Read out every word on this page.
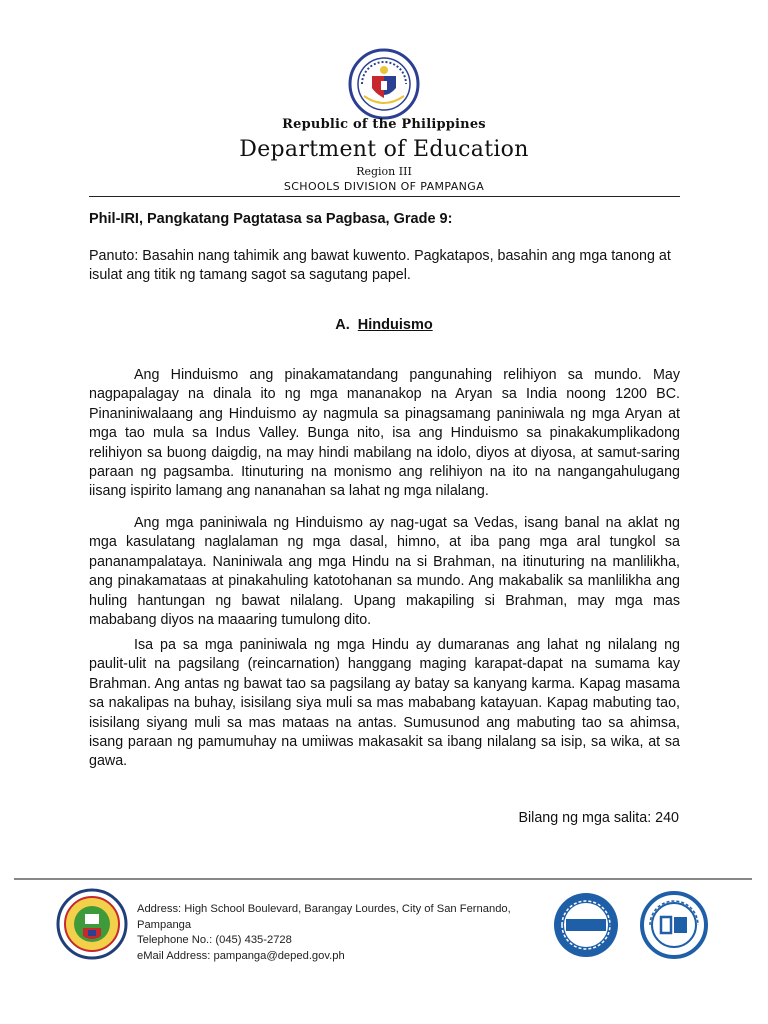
Republic of the Philippines
Department of Education
Region III
SCHOOLS DIVISION OF PAMPANGA
Phil-IRI, Pangkatang Pagtatasa sa Pagbasa, Grade 9:
Panuto: Basahin nang tahimik ang bawat kuwento. Pagkatapos, basahin ang mga tanong at isulat ang titik ng tamang sagot sa sagutang papel.
A. Hinduismo

Ang Hinduismo ang pinakamatandang pangunahing relihiyon sa mundo. May nagpapalagay na dinala ito ng mga mananakop na Aryan sa India noong 1200 BC. Pinaniniwalaang ang Hinduismo ay nagmula sa pinagsamang paniniwala ng mga Aryan at mga tao mula sa Indus Valley. Bunga nito, isa ang Hinduismo sa pinakakumplikadong relihiyon sa buong daigdig, na may hindi mabilang na idolo, diyos at diyosa, at samut-saring paraan ng pagsamba. Itinuturing na monismo ang relihiyon na ito na nangangahulugang iisang ispirito lamang ang nananahan sa lahat ng mga nilalang.

Ang mga paniniwala ng Hinduismo ay nag-ugat sa Vedas, isang banal na aklat ng mga kasulatang naglalaman ng mga dasal, himno, at iba pang mga aral tungkol sa pananampalataya. Naniniwala ang mga Hindu na si Brahman, na itinuturing na manlilikha, ang pinakamataas at pinakahuling katotohanan sa mundo. Ang makabalik sa manlilikha ang huling hantungan ng bawat nilalang. Upang makapiling si Brahman, may mga mas mababang diyos na maaaring tumulong dito.

Isa pa sa mga paniniwala ng mga Hindu ay dumaranas ang lahat ng nilalang ng paulit-ulit na pagsilang (reincarnation) hanggang maging karapat-dapat na sumama kay Brahman. Ang antas ng bawat tao sa pagsilang ay batay sa kanyang karma. Kapag masama sa nakalipas na buhay, isisilang siya muli sa mas mababang katayuan. Kapag mabuting tao, isisilang siyang muli sa mas mataas na antas. Sumusunod ang mabuting tao sa ahimsa, isang paraan ng pamumuhay na umiiwas makasakit sa ibang nilalang sa isip, sa wika, at sa gawa.

Bilang ng mga salita: 240
Address: High School Boulevard, Barangay Lourdes, City of San Fernando, Pampanga
Telephone No.: (045) 435-2728
eMail Address: pampanga@deped.gov.ph
